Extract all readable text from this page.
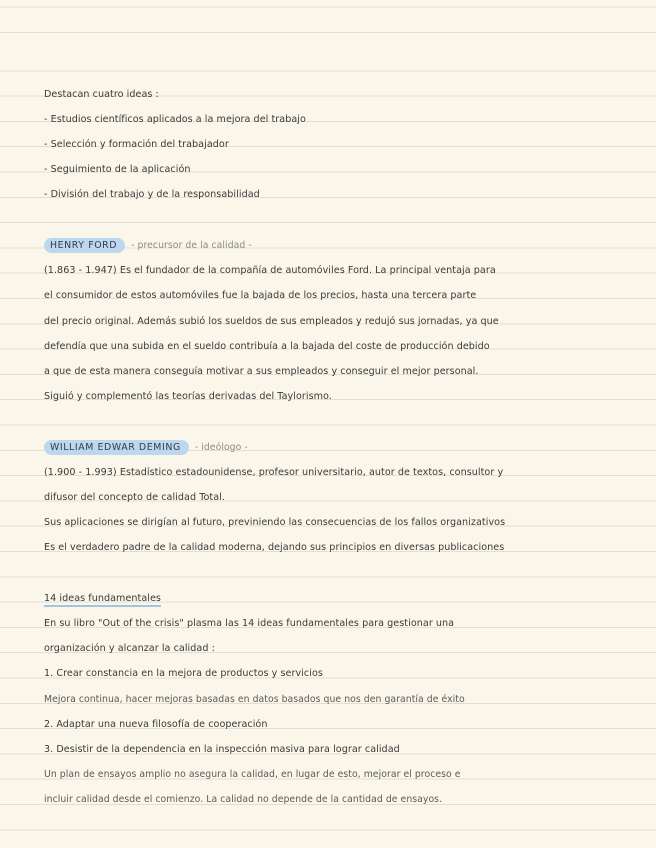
Destacan cuatro ideas :
- Estudios científicos aplicados a la mejora del trabajo
- Selección y formación del trabajador
- Seguimiento de la aplicación
- División del trabajo y de la responsabilidad
HENRY FORD - precursor de la calidad -
(1.863 - 1.947) Es el fundador de la compañía de automóviles Ford. La principal ventaja para
el consumidor de estos automóviles fue la bajada de los precios, hasta una tercera parte
del precio original. Además subió los sueldos de sus empleados y redujó sus jornadas, ya que
defendía que una subida en el sueldo contribuía a la bajada del coste de producción debido
a que de esta manera conseguía motivar a sus empleados y conseguir el mejor personal.
Siguió y complementó las teorías derivadas del Taylorismo.
WILLIAM EDWAR DEMING - ideólogo -
(1.900 - 1.993) Estadístico estadounidense, profesor universitario, autor de textos, consultor y
difusor del concepto de calidad Total.
Sus aplicaciones se dirigían al futuro, previniendo las consecuencias de los fallos organizativos
Es el verdadero padre de la calidad moderna, dejando sus principios en diversas publicaciones
14 ideas fundamentales
En su libro "Out of the crisis" plasma las 14 ideas fundamentales para gestionar una
organización y alcanzar la calidad :
1. Crear constancia en la mejora de productos y servicios
Mejora continua, hacer mejoras basadas en datos basados que nos den garantía de éxito
2. Adaptar una nueva filosofía de cooperación
3. Desistir de la dependencia en la inspección masiva para lograr calidad
Un plan de ensayos amplio no asegura la calidad, en lugar de esto, mejorar el proceso e
incluir calidad desde el comienzo. La calidad no depende de la cantidad de ensayos.
